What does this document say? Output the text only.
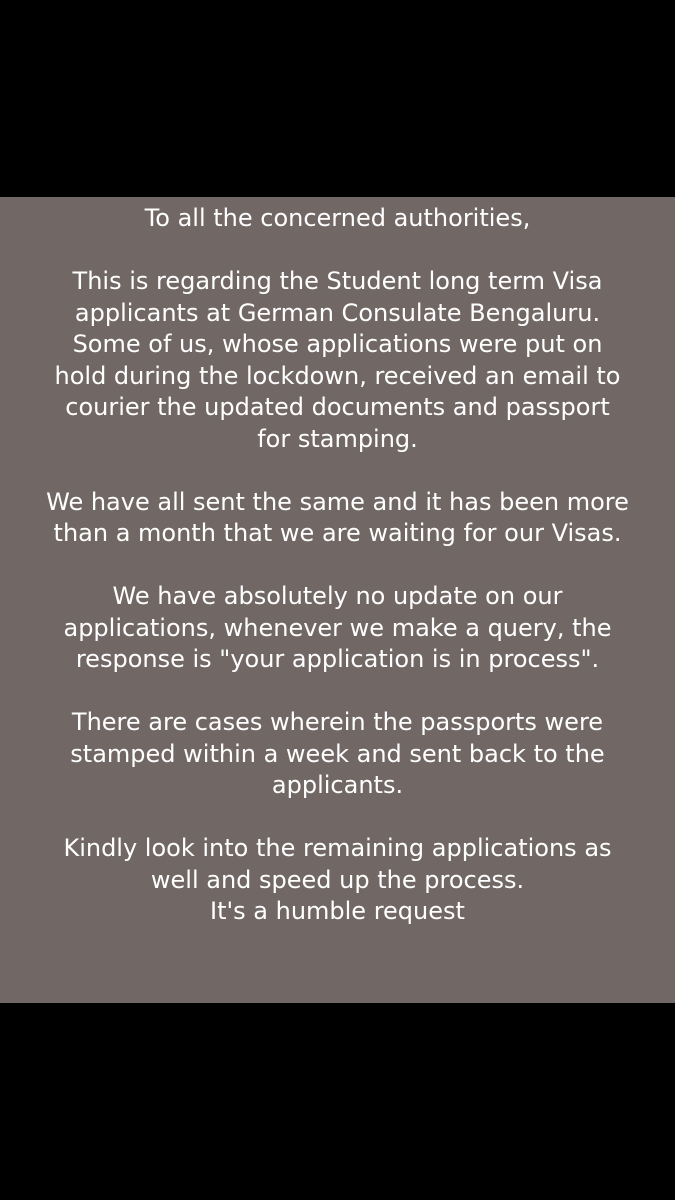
To all the concerned authorities,

This is regarding the Student long term Visa
applicants at German Consulate Bengaluru.
Some of us, whose applications were put on
hold during the lockdown, received an email to
courier the updated documents and passport
for stamping.

We have all sent the same and it has been more
than a month that we are waiting for our Visas.

We have absolutely no update on our
applications, whenever we make a query, the
response is "your application is in process".

There are cases wherein the passports were
stamped within a week and sent back to the
applicants.

Kindly look into the remaining applications as
well and speed up the process.
It's a humble request
